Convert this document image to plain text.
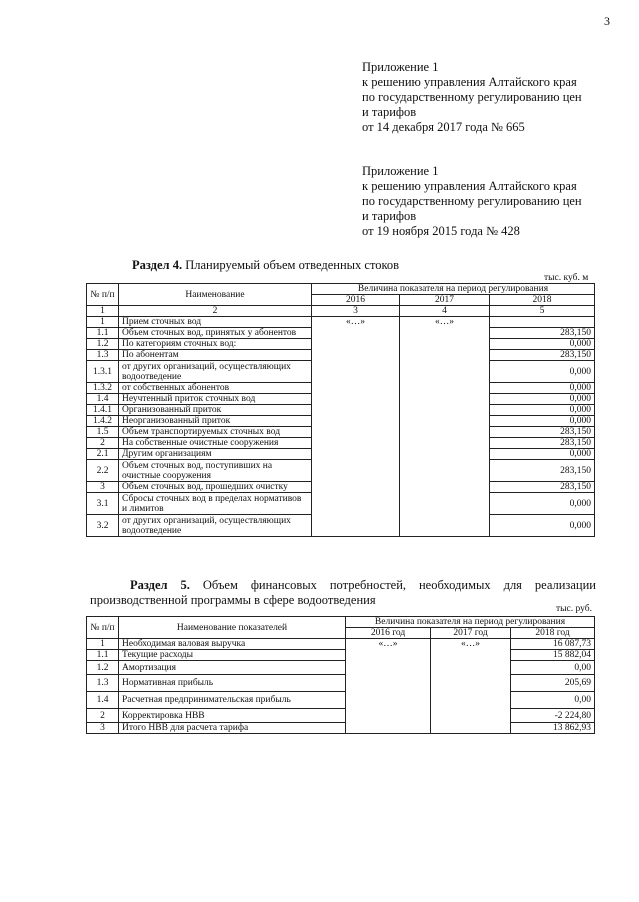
3
Приложение 1
к решению управления Алтайского края
по государственному регулированию цен
и тарифов
от 14 декабря 2017 года № 665
Приложение 1
к решению управления Алтайского края
по государственному регулированию цен
и тарифов
от 19 ноября 2015 года № 428
Раздел 4. Планируемый объем отведенных стоков
тыс. куб. м
№ п/п	Наименование	Величина показателя на период регулирования		
		2016	2017	2018
1	2	3	4	5
1	Прием сточных вод	«…»	«…»	
1.1	Объем сточных вод, принятых у абонентов			283,150
1.2	По категориям сточных вод:			0,000
1.3	По абонентам			283,150
1.3.1	от других организаций, осуществляющих водоотведение			0,000
1.3.2	от собственных абонентов			0,000
1.4	Неучтенный приток сточных вод			0,000
1.4.1	Организованный приток			0,000
1.4.2	Неорганизованный приток			0,000
1.5	Объем транспортируемых сточных вод			283,150
2	На собственные очистные сооружения			283,150
2.1	Другим организациям			0,000
2.2	Объем сточных вод, поступивших на очистные сооружения			283,150
3	Объем сточных вод, прошедших очистку			283,150
3.1	Сбросы сточных вод в пределах нормативов и лимитов			0,000
3.2	от других организаций, осуществляющих водоотведение			0,000
Раздел 5. Объем финансовых потребностей, необходимых для реализации производственной программы в сфере водоотведения
тыс. руб.
№ п/п	Наименование показателей	Величина показателя на период регулирования		
		2016 год	2017 год	2018 год
1	Необходимая валовая выручка	«…»	«…»	16 087,73
1.1	Текущие расходы			15 882,04
1.2	Амортизация			0,00
1.3	Нормативная прибыль			205,69
1.4	Расчетная предпринимательская прибыль			0,00
2	Корректировка НВВ			-2 224,80
3	Итого НВВ для расчета тарифа			13 862,93
